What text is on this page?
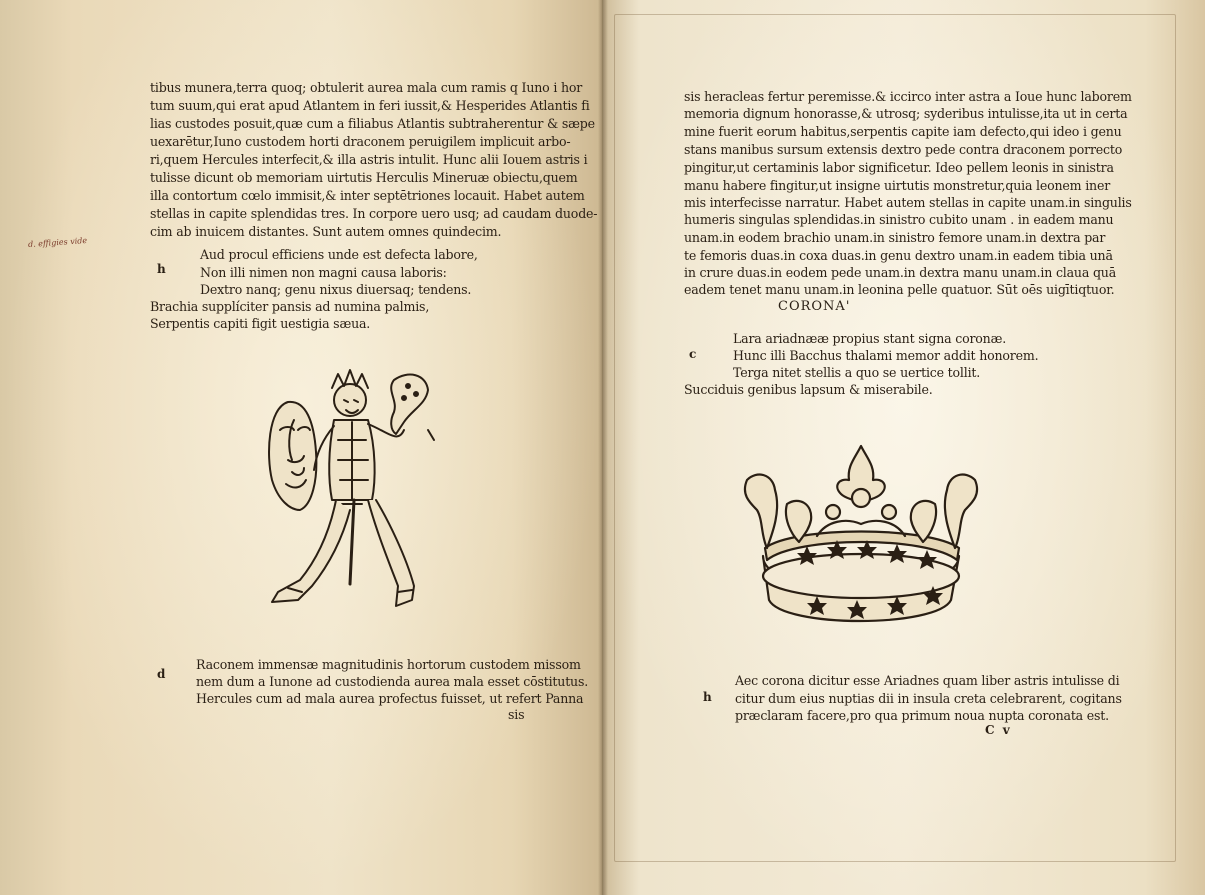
tibus munera,terra quoq; obtulerit aurea mala cum ramis q Iuno i hor
tum suum,qui erat apud Atlantem in feri iussit,& Hesperides Atlantis fi
lias custodes posuit,quæ cum a filiabus Atlantis subtraherentur & sæpe
uexarētur,Iuno custodem horti draconem peruigilem implicuit arbo-
ri,quem Hercules interfecit,& illa astris intulit. Hunc alii Iouem astris i
tulisse dicunt ob memoriam uirtutis Herculis Mineruæ obiectu,quem
illa contortum cœlo immisit,& inter septētriones locauit. Habet autem
stellas in capite splendidas tres. In corpore uero usq; ad caudam duode-
cim ab inuicem distantes. Sunt autem omnes quindecim.
d. effigies vide
h
Aud procul efficiens unde est defecta labore,
Non illi nimen non magni causa laboris:
Dextro nanq; genu nixus diuersaq; tendens.
Brachia supplíciter pansis ad numina palmis,
Serpentis capiti figit uestigia sæua.
d
Raconem immensæ magnitudinis hortorum custodem missom
nem dum a Iunone ad custodienda aurea mala esset cōstitutus.
Hercules cum ad mala aurea profectus fuisset, ut refert Panna
sis
sis heracleas fertur peremisse.& iccirco inter astra a Ioue hunc laborem
memoria dignum honorasse,& utrosq; syderibus intulisse,ita ut in certa
mine fuerit eorum habitus,serpentis capite iam defecto,qui ideo i genu
stans manibus sursum extensis dextro pede contra draconem porrecto
pingitur,ut certaminis labor significetur. Ideo pellem leonis in sinistra
manu habere fingitur,ut insigne uirtutis monstretur,quia leonem iner
mis interfecisse narratur. Habet autem stellas in capite unam.in singulis
humeris singulas splendidas.in sinistro cubito unam . in eadem manu
unam.in eodem brachio unam.in sinistro femore unam.in dextra par
te femoris duas.in coxa duas.in genu dextro unam.in eadem tibia unā
in crure duas.in eodem pede unam.in dextra manu unam.in claua quā
eadem tenet manu unam.in leonina pelle quatuor. Sūt oēs uigītiqtuor.
CORONA'
c
Lara ariadnææ propius stant signa coronæ.
Hunc illi Bacchus thalami memor addit honorem.
Terga nitet stellis a quo se uertice tollit.
Succiduis genibus lapsum & miserabile.
h
Aec corona dicitur esse Ariadnes quam liber astris intulisse di
citur dum eius nuptias dii in insula creta celebrarent, cogitans
præclaram facere,pro qua primum noua nupta coronata est.
C v
